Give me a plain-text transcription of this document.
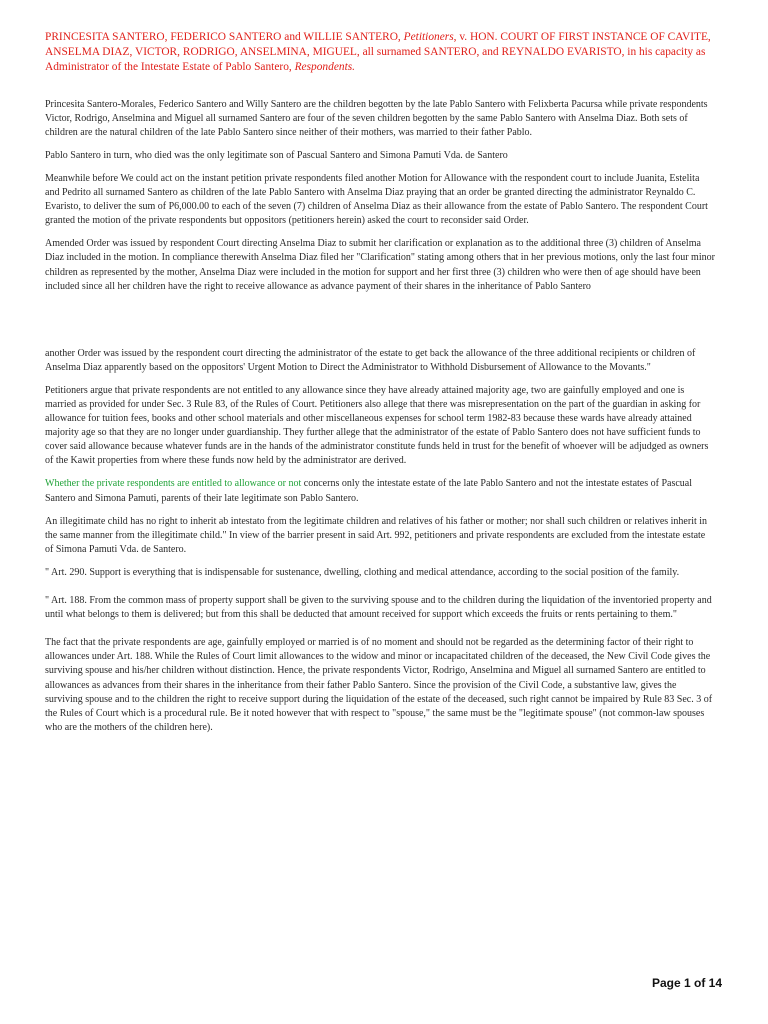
PRINCESITA SANTERO, FEDERICO SANTERO and WILLIE SANTERO, Petitioners, v. HON. COURT OF FIRST INSTANCE OF CAVITE, ANSELMA DIAZ, VICTOR, RODRIGO, ANSELMINA, MIGUEL, all surnamed SANTERO, and REYNALDO EVARISTO, in his capacity as Administrator of the Intestate Estate of Pablo Santero, Respondents.

Princesita Santero-Morales, Federico Santero and Willy Santero are the children begotten by the late Pablo Santero with Felixberta Pacursa while private respondents Victor, Rodrigo, Anselmina and Miguel all surnamed Santero are four of the seven children begotten by the same Pablo Santero with Anselma Diaz. Both sets of children are the natural children of the late Pablo Santero since neither of their mothers, was married to their father Pablo.

Pablo Santero in turn, who died was the only legitimate son of Pascual Santero and Simona Pamuti Vda. de Santero

Meanwhile before We could act on the instant petition private respondents filed another Motion for Allowance with the respondent court to include Juanita, Estelita and Pedrito all surnamed Santero as children of the late Pablo Santero with Anselma Diaz praying that an order be granted directing the administrator Reynaldo C. Evaristo, to deliver the sum of P6,000.00 to each of the seven (7) children of Anselma Diaz as their allowance from the estate of Pablo Santero. The respondent Court granted the motion of the private respondents but oppositors (petitioners herein) asked the court to reconsider said Order.

Amended Order was issued by respondent Court directing Anselma Diaz to submit her clarification or explanation as to the additional three (3) children of Anselma Diaz included in the motion. In compliance therewith Anselma Diaz filed her "Clarification" stating among others that in her previous motions, only the last four minor children as represented by the mother, Anselma Diaz were included in the motion for support and her first three (3) children who were then of age should have been included since all her children have the right to receive allowance as advance payment of their shares in the inheritance of Pablo Santero

another Order was issued by the respondent court directing the administrator of the estate to get back the allowance of the three additional recipients or children of Anselma Diaz apparently based on the oppositors' Urgent Motion to Direct the Administrator to Withhold Disbursement of Allowance to the Movants."

Petitioners argue that private respondents are not entitled to any allowance since they have already attained majority age, two are gainfully employed and one is married as provided for under Sec. 3 Rule 83, of the Rules of Court. Petitioners also allege that there was misrepresentation on the part of the guardian in asking for allowance for tuition fees, books and other school materials and other miscellaneous expenses for school term 1982-83 because these wards have already attained majority age so that they are no longer under guardianship. They further allege that the administrator of the estate of Pablo Santero does not have sufficient funds to cover said allowance because whatever funds are in the hands of the administrator constitute funds held in trust for the benefit of whoever will be adjudged as owners of the Kawit properties from where these funds now held by the administrator are derived.

Whether the private respondents are entitled to allowance or not concerns only the intestate estate of the late Pablo Santero and not the intestate estates of Pascual Santero and Simona Pamuti, parents of their late legitimate son Pablo Santero.

An illegitimate child has no right to inherit ab intestato from the legitimate children and relatives of his father or mother; nor shall such children or relatives inherit in the same manner from the illegitimate child." In view of the barrier present in said Art. 992, petitioners and private respondents are excluded from the intestate estate of Simona Pamuti Vda. de Santero.

" Art. 290. Support is everything that is indispensable for sustenance, dwelling, clothing and medical attendance, according to the social position of the family.

" Art. 188. From the common mass of property support shall be given to the surviving spouse and to the children during the liquidation of the inventoried property and until what belongs to them is delivered; but from this shall be deducted that amount received for support which exceeds the fruits or rents pertaining to them."

The fact that the private respondents are age, gainfully employed or married is of no moment and should not be regarded as the determining factor of their right to allowances under Art. 188. While the Rules of Court limit allowances to the widow and minor or incapacitated children of the deceased, the New Civil Code gives the surviving spouse and his/her children without distinction. Hence, the private respondents Victor, Rodrigo, Anselmina and Miguel all surnamed Santero are entitled to allowances as advances from their shares in the inheritance from their father Pablo Santero. Since the provision of the Civil Code, a substantive law, gives the surviving spouse and to the children the right to receive support during the liquidation of the estate of the deceased, such right cannot be impaired by Rule 83 Sec. 3 of the Rules of Court which is a procedural rule. Be it noted however that with respect to "spouse," the same must be the "legitimate spouse" (not common-law spouses who are the mothers of the children here).

Page 1 of 14
